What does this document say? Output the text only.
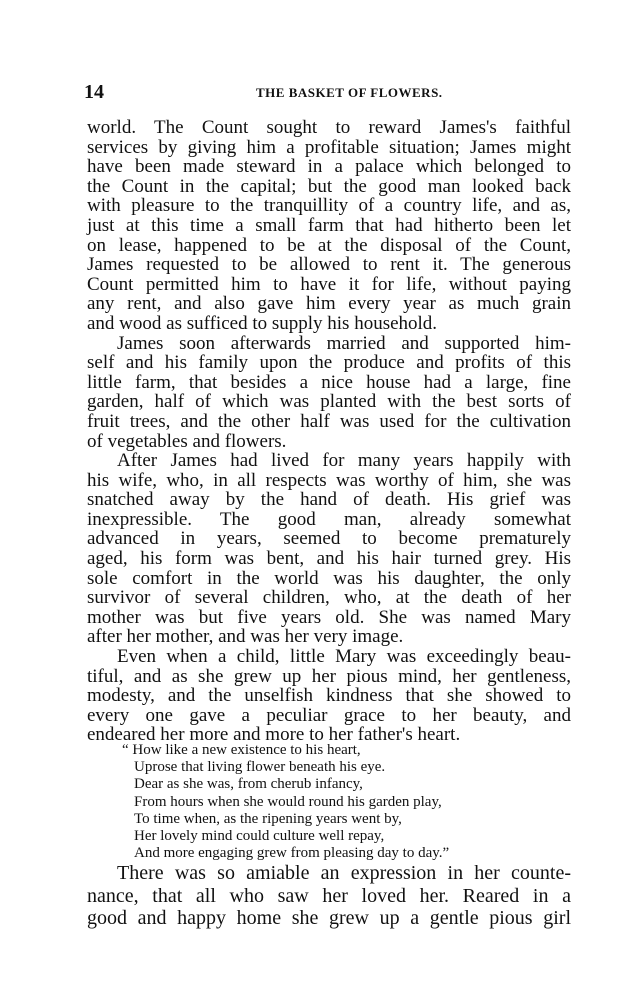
14	THE BASKET OF FLOWERS.
world. The Count sought to reward James's faithful
services by giving him a profitable situation; James might
have been made steward in a palace which belonged to
the Count in the capital; but the good man looked back
with pleasure to the tranquillity of a country life, and as,
just at this time a small farm that had hitherto been let
on lease, happened to be at the disposal of the Count,
James requested to be allowed to rent it. The generous
Count permitted him to have it for life, without paying
any rent, and also gave him every year as much grain
and wood as sufficed to supply his household.
James soon afterwards married and supported him-
self and his family upon the produce and profits of this
little farm, that besides a nice house had a large, fine
garden, half of which was planted with the best sorts of
fruit trees, and the other half was used for the cultivation
of vegetables and flowers.
After James had lived for many years happily with
his wife, who, in all respects was worthy of him, she was
snatched away by the hand of death. His grief was
inexpressible. The good man, already somewhat
advanced in years, seemed to become prematurely
aged, his form was bent, and his hair turned grey. His
sole comfort in the world was his daughter, the only
survivor of several children, who, at the death of her
mother was but five years old. She was named Mary
after her mother, and was her very image.
Even when a child, little Mary was exceedingly beau-
tiful, and as she grew up her pious mind, her gentleness,
modesty, and the unselfish kindness that she showed to
every one gave a peculiar grace to her beauty, and
endeared her more and more to her father's heart.
“ How like a new existence to his heart,
Uprose that living flower beneath his eye.
Dear as she was, from cherub infancy,
From hours when she would round his garden play,
To time when, as the ripening years went by,
Her lovely mind could culture well repay,
And more engaging grew from pleasing day to day.”
There was so amiable an expression in her counte-
nance, that all who saw her loved her. Reared in a
good and happy home she grew up a gentle pious girl
